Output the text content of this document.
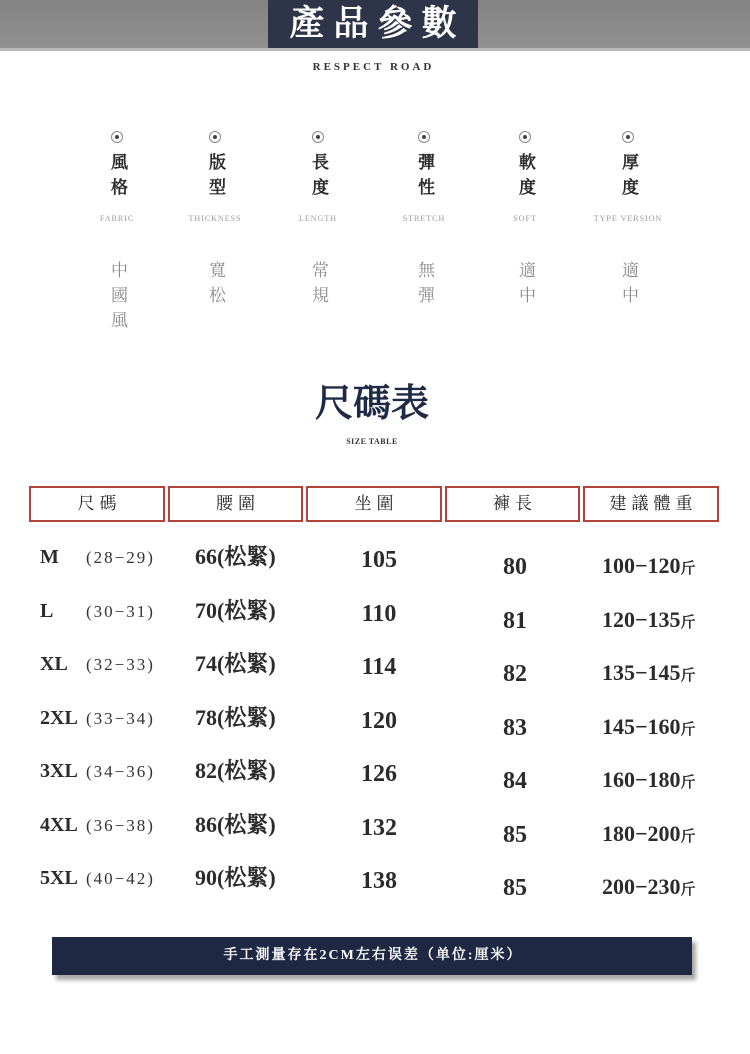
產品參數
RESPECT ROAD
風格
FABRIC
中國風
版型
THICKNESS
寬松
長度
LENGTH
常規
彈性
STRETCH
無彈
軟度
SOFT
適中
厚度
TYPE VERSION
適中
尺碼表
SIZE TABLE
尺碼	腰圍	坐圍	褲長	建議體重
M (28−29) 66(松緊)	105	80	100−120斤
L (30−31) 70(松緊)	110	81	120−135斤
XL (32−33) 74(松緊)	114	82	135−145斤
2XL (33−34) 78(松緊)	120	83	145−160斤
3XL (34−36) 82(松緊)	126	84	160−180斤
4XL (36−38) 86(松緊)	132	85	180−200斤
5XL (40−42) 90(松緊)	138	85	200−230斤
手工測量存在2CM左右误差（单位:厘米）
